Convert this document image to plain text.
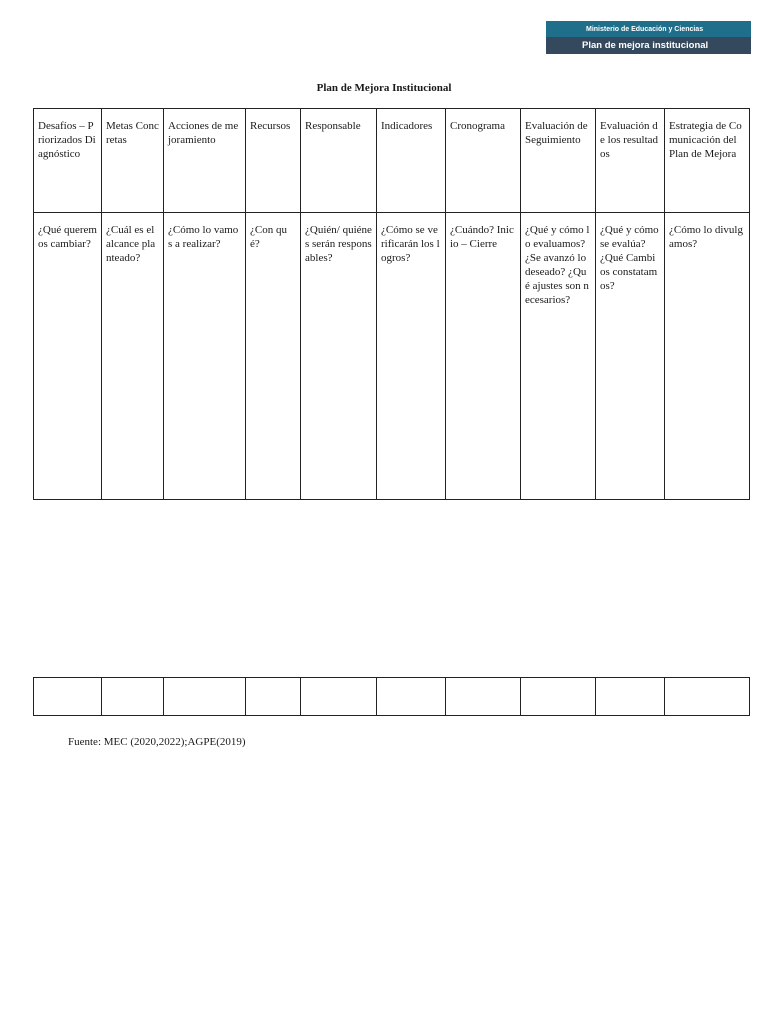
Ministerio de Educación y Ciencias
Plan de mejora institucional
Plan de Mejora Institucional
Desafíos – Priorizados Diagnóstico	Metas Concretas	Acciones de mejoramiento	Recursos	Responsable	Indicadores	Cronograma	Evaluación de Seguimiento	Evaluación de los resultados	Estrategia de Comunicación del Plan de Mejora
¿Qué queremos cambiar?	¿Cuál es el alcance planteado?	¿Cómo lo vamos a realizar?	¿Con qué?	¿Quién/ quiénes serán responsables?	¿Cómo se verificarán los logros?	¿Cuándo? Inicio – Cierre	¿Qué y cómo lo evaluamos? ¿Se avanzó lo deseado? ¿Qué ajustes son necesarios?	¿Qué y cómo se evalúa? ¿Qué Cambios constatamos?	¿Cómo lo divulgamos?

Fuente: MEC (2020,2022);AGPE(2019)
